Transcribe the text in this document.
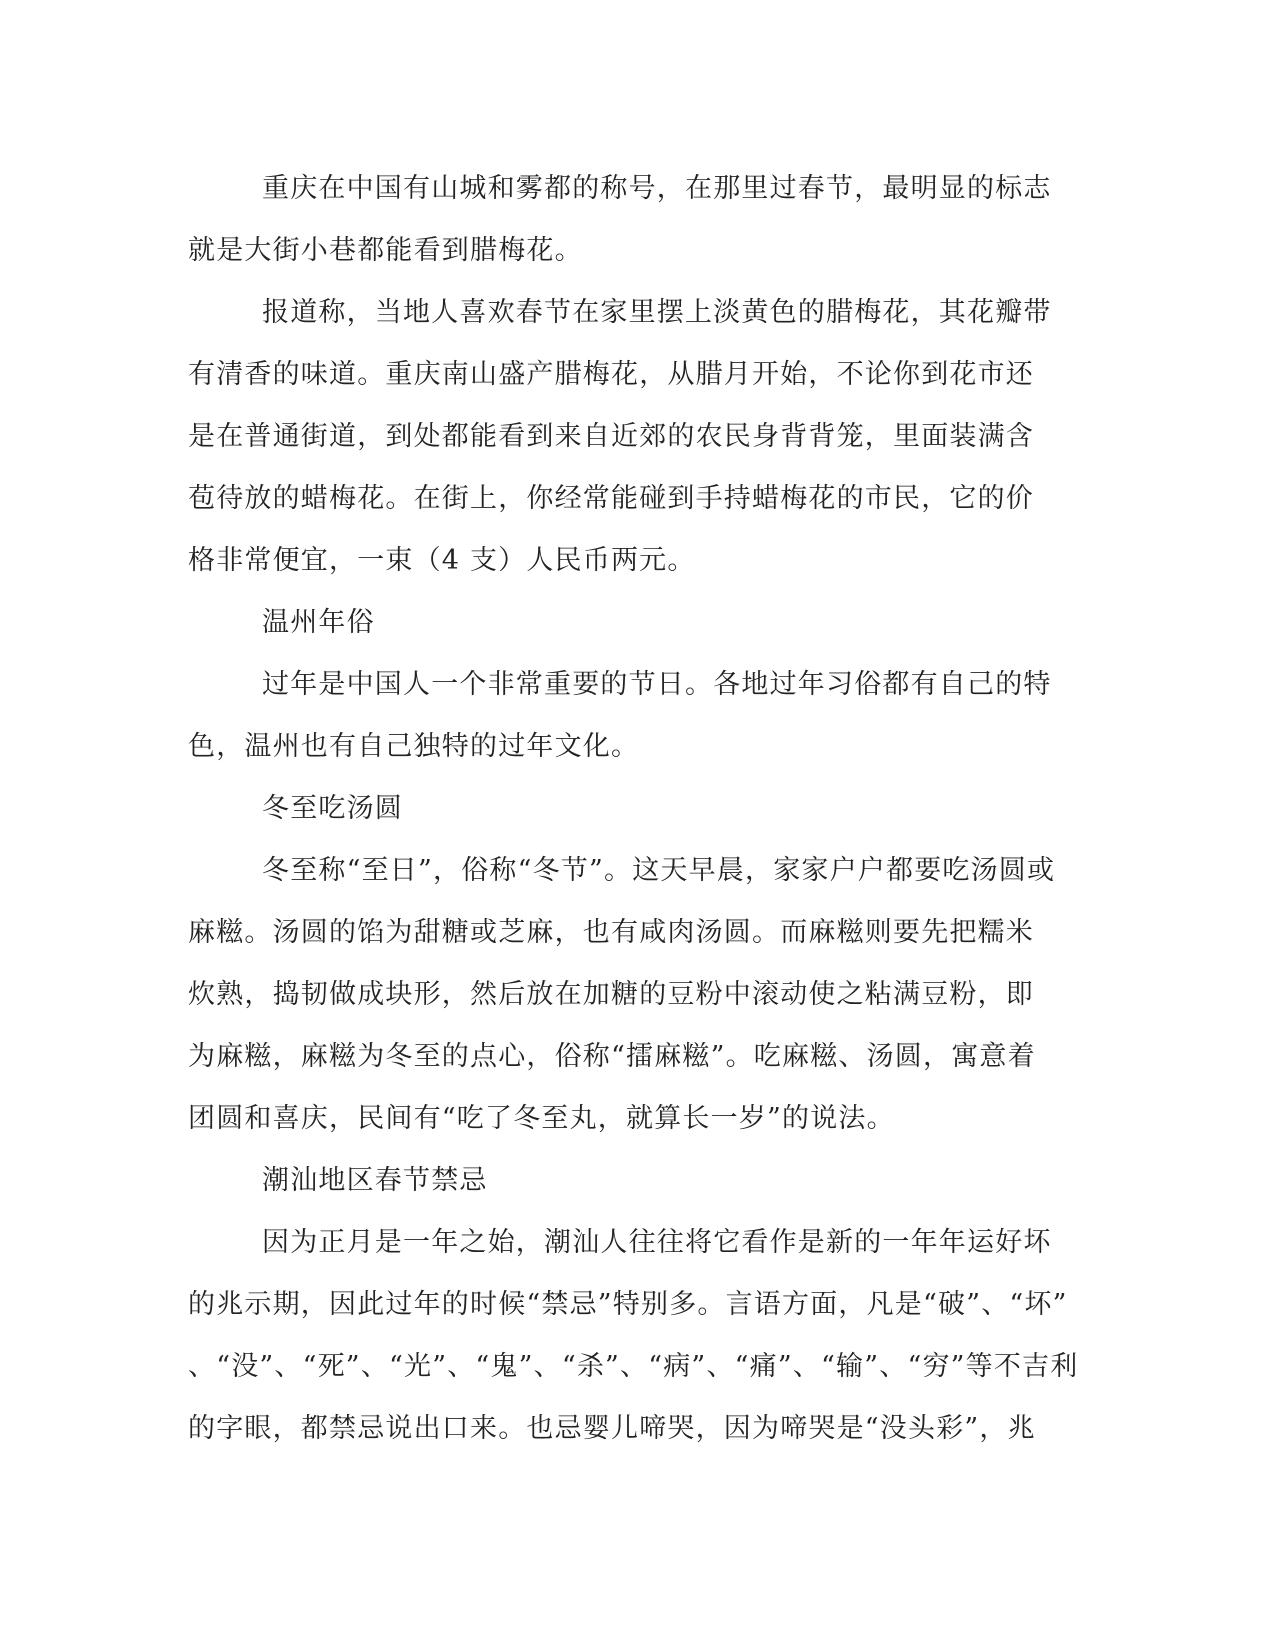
重庆在中国有山城和雾都的称号，在那里过春节，最明显的标志
就是大街小巷都能看到腊梅花。
报道称，当地人喜欢春节在家里摆上淡黄色的腊梅花，其花瓣带
有清香的味道。重庆南山盛产腊梅花，从腊月开始，不论你到花市还
是在普通街道，到处都能看到来自近郊的农民身背背笼，里面装满含
苞待放的蜡梅花。在街上，你经常能碰到手持蜡梅花的市民，它的价
格非常便宜，一束（4 支）人民币两元。
温州年俗
过年是中国人一个非常重要的节日。各地过年习俗都有自己的特
色，温州也有自己独特的过年文化。
冬至吃汤圆
冬至称“至日”，俗称“冬节”。这天早晨，家家户户都要吃汤圆或
麻糍。汤圆的馅为甜糖或芝麻，也有咸肉汤圆。而麻糍则要先把糯米
炊熟，捣韧做成块形，然后放在加糖的豆粉中滚动使之粘满豆粉，即
为麻糍，麻糍为冬至的点心，俗称“擂麻糍”。吃麻糍、汤圆，寓意着
团圆和喜庆，民间有“吃了冬至丸，就算长一岁”的说法。
潮汕地区春节禁忌
因为正月是一年之始，潮汕人往往将它看作是新的一年年运好坏
的兆示期，因此过年的时候“禁忌”特别多。言语方面，凡是“破”、“坏”
、“没”、“死”、“光”、“鬼”、“杀”、“病”、“痛”、“输”、“穷”等不吉利
的字眼，都禁忌说出口来。也忌婴儿啼哭，因为啼哭是“没头彩”，兆
